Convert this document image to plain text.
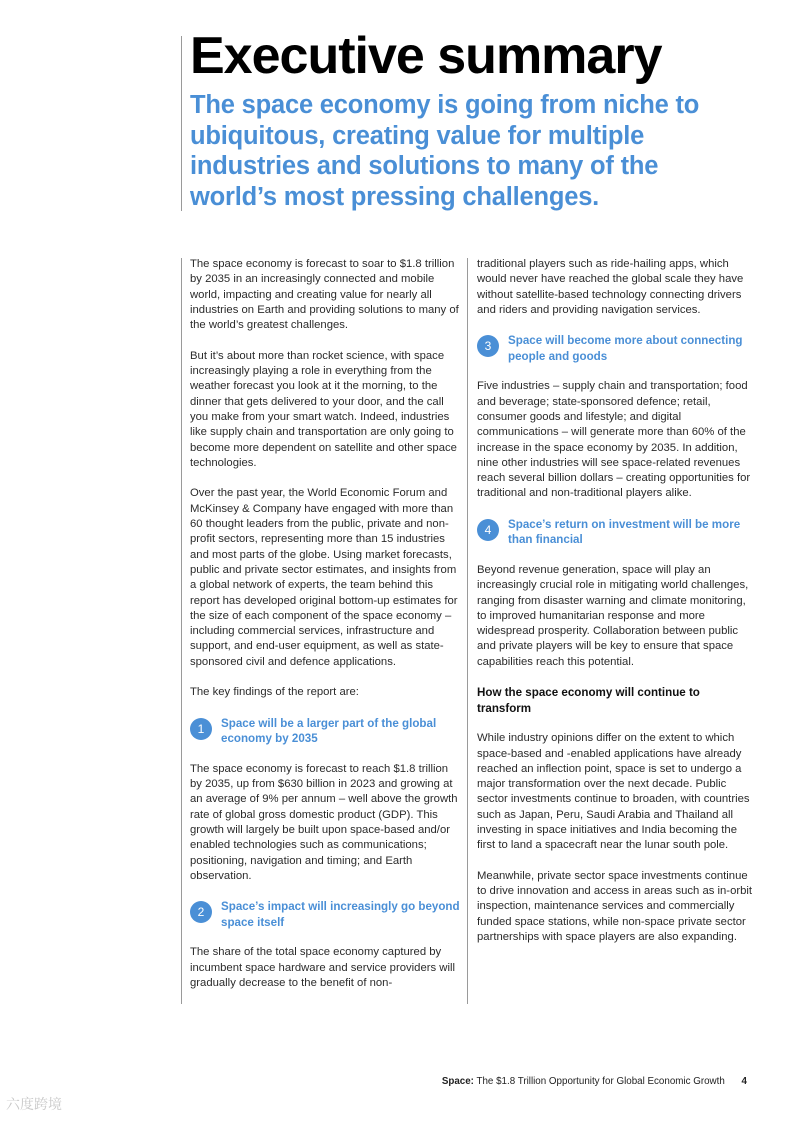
Executive summary
The space economy is going from niche to ubiquitous, creating value for multiple industries and solutions to many of the world’s most pressing challenges.

The space economy is forecast to soar to $1.8 trillion by 2035 in an increasingly connected and mobile world, impacting and creating value for nearly all industries on Earth and providing solutions to many of the world’s greatest challenges.

But it’s about more than rocket science, with space increasingly playing a role in everything from the weather forecast you look at it the morning, to the dinner that gets delivered to your door, and the call you make from your smart watch. Indeed, industries like supply chain and transportation are only going to become more dependent on satellite and other space technologies.

Over the past year, the World Economic Forum and McKinsey & Company have engaged with more than 60 thought leaders from the public, private and non-profit sectors, representing more than 15 industries and most parts of the globe. Using market forecasts, public and private sector estimates, and insights from a global network of experts, the team behind this report has developed original bottom-up estimates for the size of each component of the space economy – including commercial services, infrastructure and support, and end-user equipment, as well as state-sponsored civil and defence applications.

The key findings of the report are:

1	Space will be a larger part of the global economy by 2035

The space economy is forecast to reach $1.8 trillion by 2035, up from $630 billion in 2023 and growing at an average of 9% per annum – well above the growth rate of global gross domestic product (GDP). This growth will largely be built upon space-based and/or enabled technologies such as communications; positioning, navigation and timing; and Earth observation.

2	Space’s impact will increasingly go beyond space itself

The share of the total space economy captured by incumbent space hardware and service providers will gradually decrease to the benefit of non-

traditional players such as ride-hailing apps, which would never have reached the global scale they have without satellite-based technology connecting drivers and riders and providing navigation services.

3	Space will become more about connecting people and goods

Five industries – supply chain and transportation; food and beverage; state-sponsored defence; retail, consumer goods and lifestyle; and digital communications – will generate more than 60% of the increase in the space economy by 2035. In addition, nine other industries will see space-related revenues reach several billion dollars – creating opportunities for traditional and non-traditional players alike.

4	Space’s return on investment will be more than financial

Beyond revenue generation, space will play an increasingly crucial role in mitigating world challenges, ranging from disaster warning and climate monitoring, to improved humanitarian response and more widespread prosperity. Collaboration between public and private players will be key to ensure that space capabilities reach this potential.

How the space economy will continue to transform

While industry opinions differ on the extent to which space-based and -enabled applications have already reached an inflection point, space is set to undergo a major transformation over the next decade. Public sector investments continue to broaden, with countries such as Japan, Peru, Saudi Arabia and Thailand all investing in space initiatives and India becoming the first to land a spacecraft near the lunar south pole.

Meanwhile, private sector space investments continue to drive innovation and access in areas such as in-orbit inspection, maintenance services and commercially funded space stations, while non-space private sector partnerships with space players are also expanding.

Space: The $1.8 Trillion Opportunity for Global Economic Growth 4
六度跨境
